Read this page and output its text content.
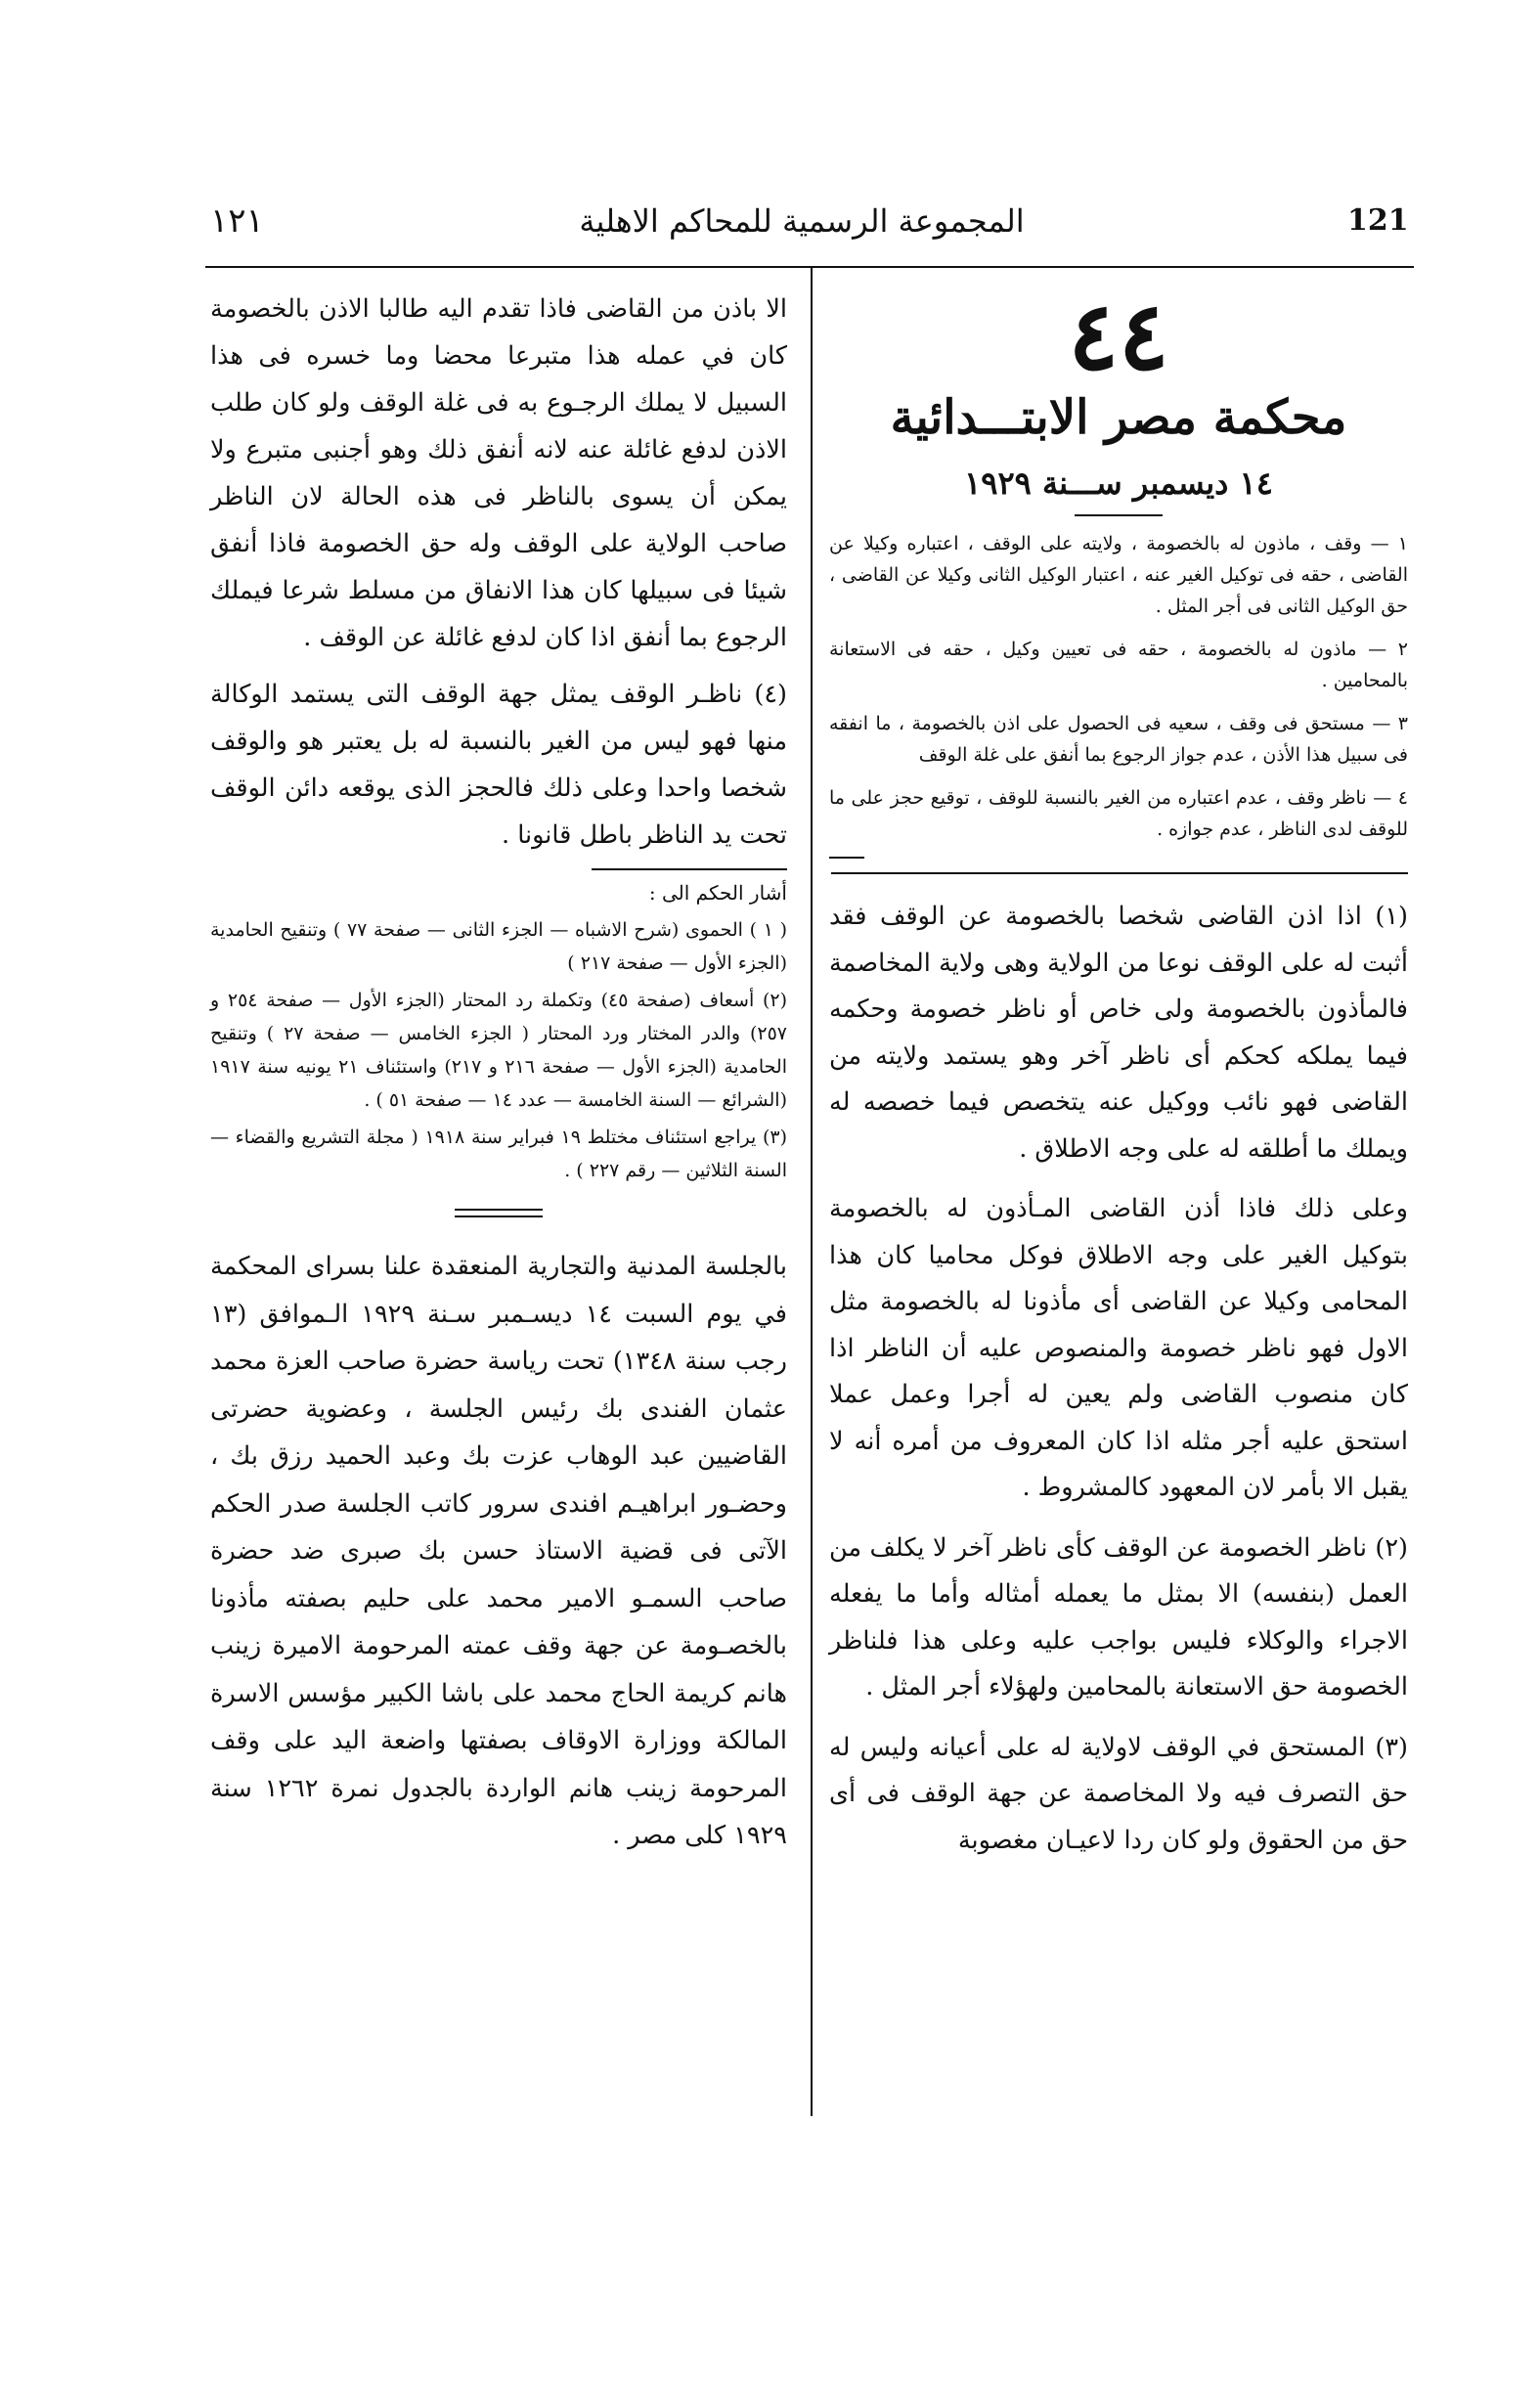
121
المجموعة الرسمية للمحاكم الاهلية
١٢١
٤٤
محكمة مصر الابتـــدائية
١٤ ديسمبر ســـنة ١٩٢٩

١ — وقف ، ماذون له بالخصومة ، ولايته على الوقف ، اعتباره وكيلا عن القاضى ، حقه فى توكيل الغير عنه ، اعتبار الوكيل الثانى وكيلا عن القاضى ، حق الوكيل الثانى فى أجر المثل .

٢ — ماذون له بالخصومة ، حقه فى تعيين وكيل ، حقه فى الاستعانة بالمحامين .

٣ — مستحق فى وقف ، سعيه فى الحصول على اذن بالخصومة ، ما انفقه فى سبيل هذا الأذن ، عدم جواز الرجوع بما أنفق على غلة الوقف

٤ — ناظر وقف ، عدم اعتباره من الغير بالنسبة للوقف ، توقيع حجز على ما للوقف لدى الناظر ، عدم جوازه .

(١) اذا اذن القاضى شخصا بالخصومة عن الوقف فقد أثبت له على الوقف نوعا من الولاية وهى ولاية المخاصمة فالمأذون بالخصومة ولى خاص أو ناظر خصومة وحكمه فيما يملكه كحكم أى ناظر آخر وهو يستمد ولايته من القاضى فهو نائب ووكيل عنه يتخصص فيما خصصه له ويملك ما أطلقه له على وجه الاطلاق .

وعلى ذلك فاذا أذن القاضى المـأذون له بالخصومة بتوكيل الغير على وجه الاطلاق فوكل محاميا كان هذا المحامى وكيلا عن القاضى أى مأذونا له بالخصومة مثل الاول فهو ناظر خصومة والمنصوص عليه أن الناظر اذا كان منصوب القاضى ولم يعين له أجرا وعمل عملا استحق عليه أجر مثله اذا كان المعروف من أمره أنه لا يقبل الا بأمر لان المعهود كالمشروط .

(٢) ناظر الخصومة عن الوقف كأى ناظر آخر لا يكلف من العمل (بنفسه) الا بمثل ما يعمله أمثاله وأما ما يفعله الاجراء والوكلاء فليس بواجب عليه وعلى هذا فلناظر الخصومة حق الاستعانة بالمحامين ولهؤلاء أجر المثل .

(٣) المستحق في الوقف لاولاية له على أعيانه وليس له حق التصرف فيه ولا المخاصمة عن جهة الوقف فى أى حق من الحقوق ولو كان ردا لاعيـان مغصوبة

الا باذن من القاضى فاذا تقدم اليه طالبا الاذن بالخصومة كان في عمله هذا متبرعا محضا وما خسره فى هذا السبيل لا يملك الرجـوع به فى غلة الوقف ولو كان طلب الاذن لدفع غائلة عنه لانه أنفق ذلك وهو أجنبى متبرع ولا يمكن أن يسوى بالناظر فى هذه الحالة لان الناظر صاحب الولاية على الوقف وله حق الخصومة فاذا أنفق شيئا فى سبيلها كان هذا الانفاق من مسلط شرعا فيملك الرجوع بما أنفق اذا كان لدفع غائلة عن الوقف .

(٤) ناظـر الوقف يمثل جهة الوقف التى يستمد الوكالة منها فهو ليس من الغير بالنسبة له بل يعتبر هو والوقف شخصا واحدا وعلى ذلك فالحجز الذى يوقعه دائن الوقف تحت يد الناظر باطل قانونا .

أشار الحكم الى :

( ١ ) الحموى (شرح الاشباه — الجزء الثانى — صفحة ٧٧ ) وتنقيح الحامدية (الجزء الأول — صفحة ٢١٧ )

(٢) أسعاف (صفحة ٤٥) وتكملة رد المحتار (الجزء الأول — صفحة ٢٥٤ و ٢٥٧) والدر المختار ورد المحتار ( الجزء الخامس — صفحة ٢٧ ) وتنقيح الحامدية (الجزء الأول — صفحة ٢١٦ و ٢١٧) واستئناف ٢١ يونيه سنة ١٩١٧ (الشرائع — السنة الخامسة — عدد ١٤ — صفحة ٥١ ) .

(٣) يراجع استئناف مختلط ١٩ فبراير سنة ١٩١٨ ( مجلة التشريع والقضاء — السنة الثلاثين — رقم ٢٢٧ ) .

بالجلسة المدنية والتجارية المنعقدة علنا بسراى المحكمة في يوم السبت ١٤ ديسـمبر سـنة ١٩٢٩ الـموافق (١٣ رجب سنة ١٣٤٨) تحت رياسة حضرة صاحب العزة محمد عثمان الفندى بك رئيس الجلسة ، وعضوية حضرتى القاضيين عبد الوهاب عزت بك وعبد الحميد رزق بك ، وحضـور ابراهيـم افندى سرور كاتب الجلسة صدر الحكم الآتى فى قضية الاستاذ حسن بك صبرى ضد حضرة صاحب السمـو الامير محمد على حليم بصفته مأذونا بالخصـومة عن جهة وقف عمته المرحومة الاميرة زينب هانم كريمة الحاج محمد على باشا الكبير مؤسس الاسرة المالكة ووزارة الاوقاف بصفتها واضعة اليد على وقف المرحومة زينب هانم الواردة بالجدول نمرة ١٢٦٢ سنة ١٩٢٩ كلى مصر .
